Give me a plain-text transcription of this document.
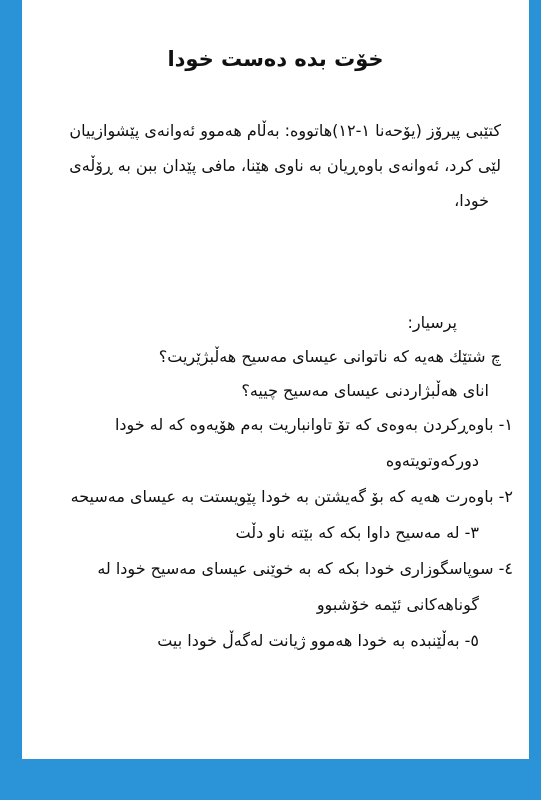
خۆت بده دەست خودا

كتێبی پیرۆز (یۆحەنا ١-١٢)هاتووه: بەڵام هەموو ئەوانەی پێشوازییان
لێی كرد، ئەوانەی باوەڕیان بە ناوی هێنا، مافی پێدان ببن بە ڕۆڵەی
خودا،

پرسیار:
چ شتێك هەیە كە ناتوانی عیسای مەسیح هەڵبژێریت؟
انای هەڵبژاردنی عیسای مەسیح چییە؟
١- باوەڕكردن بەوەی كە تۆ تاوانباریت بەم هۆیەوە كە لە خودا
دوركەوتویتەوە
٢- باوەرت هەیە كە بۆ گەیشتن بە خودا پێویستت بە عیسای مەسیحە
٣- لە مەسیح داوا بكە كە بێتە ناو دڵت
٤- سوپاسگوزاری خودا بكە كە بە خوێنی عیسای مەسیح خودا لە
گوناهەكانی ئێمە خۆشبوو
٥- بەڵێنبدە بە خودا هەموو ژیانت لەگەڵ خودا بیت
